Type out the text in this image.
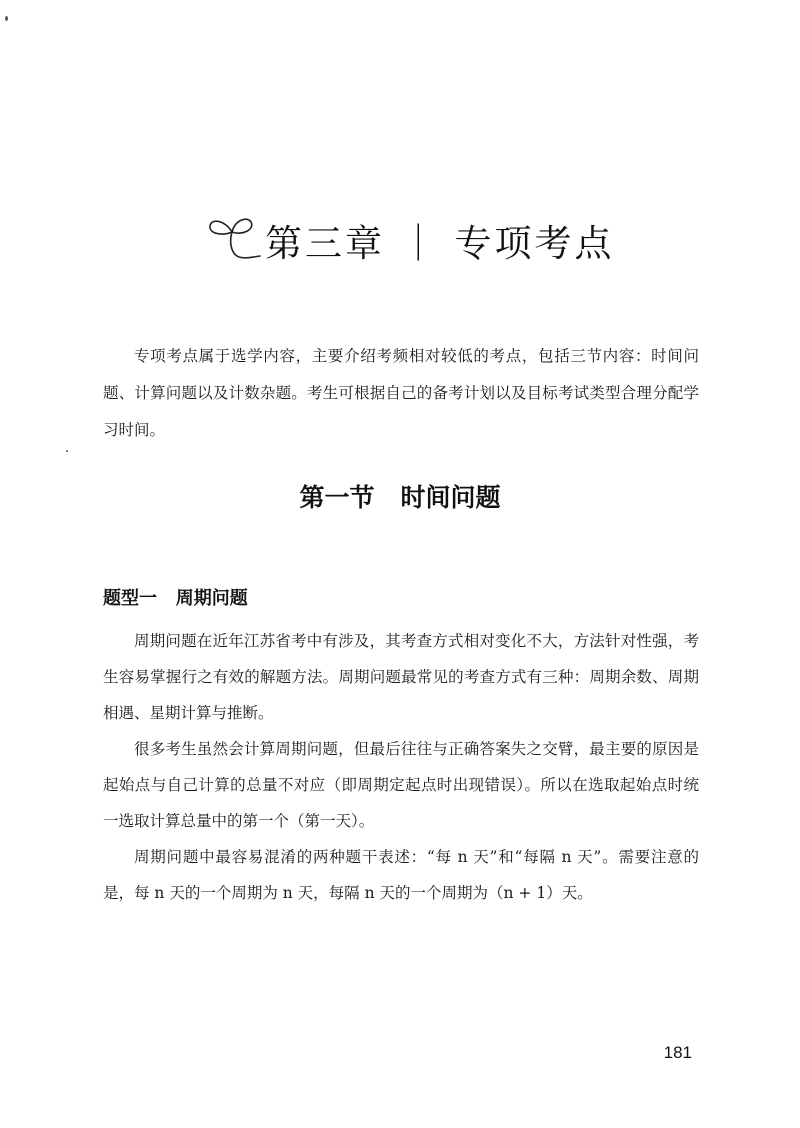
第三章 ｜ 专项考点

专项考点属于选学内容，主要介绍考频相对较低的考点，包括三节内容：时间问题、计算问题以及计数杂题。考生可根据自己的备考计划以及目标考试类型合理分配学习时间。

第一节   时间问题
题型一   周期问题

周期问题在近年江苏省考中有涉及，其考查方式相对变化不大，方法针对性强，考生容易掌握行之有效的解题方法。周期问题最常见的考查方式有三种：周期余数、周期相遇、星期计算与推断。

很多考生虽然会计算周期问题，但最后往往与正确答案失之交臂，最主要的原因是起始点与自己计算的总量不对应（即周期定起点时出现错误）。所以在选取起始点时统一选取计算总量中的第一个（第一天）。

周期问题中最容易混淆的两种题干表述：“每 n 天”和“每隔 n 天”。需要注意的是，每 n 天的一个周期为 n 天，每隔 n 天的一个周期为（n + 1）天。

181
